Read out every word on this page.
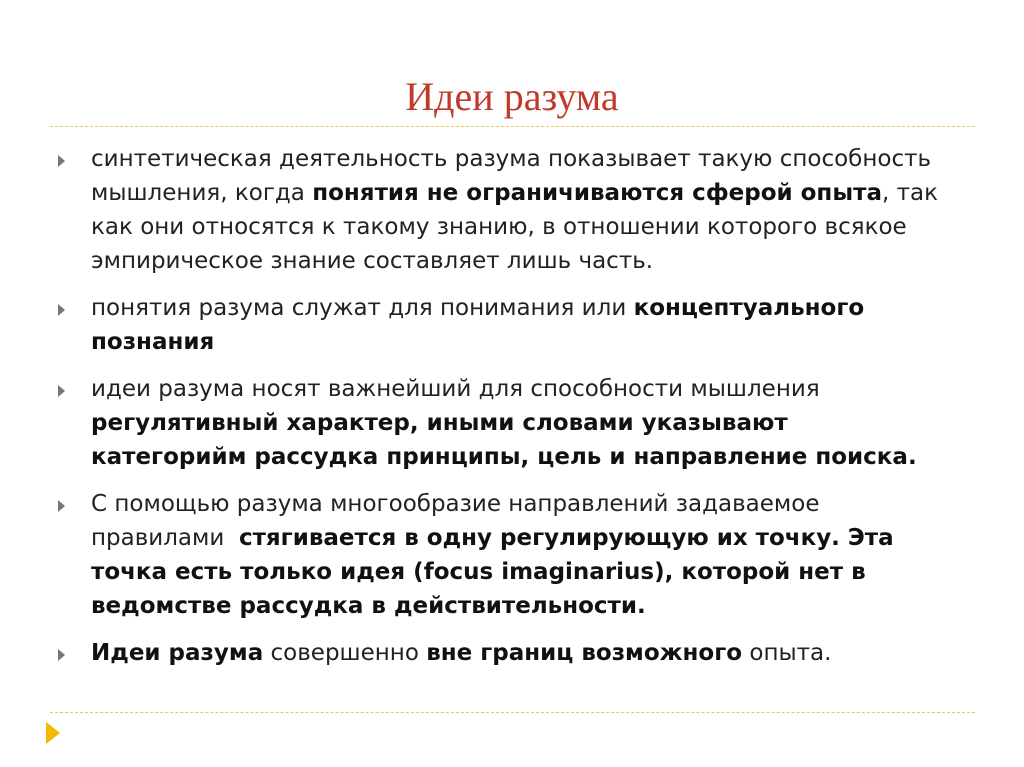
Идеи разума
синтетическая деятельность разума показывает такую способность мышления, когда понятия не ограничиваются сферой опыта, так как они относятся к такому знанию, в отношении которого всякое эмпирическое знание составляет лишь часть.
понятия разума служат для понимания или концептуального познания
идеи разума носят важнейший для способности мышления регулятивный характер, иными словами указывают категорийм рассудка принципы, цель и направление поиска.
С помощью разума многообразие направлений задаваемое правилами  стягивается в одну регулирующую их точку. Эта точка есть только идея (focus imaginarius), которой нет в ведомстве рассудка в действительности.
Идеи разума совершенно вне границ возможного опыта.
